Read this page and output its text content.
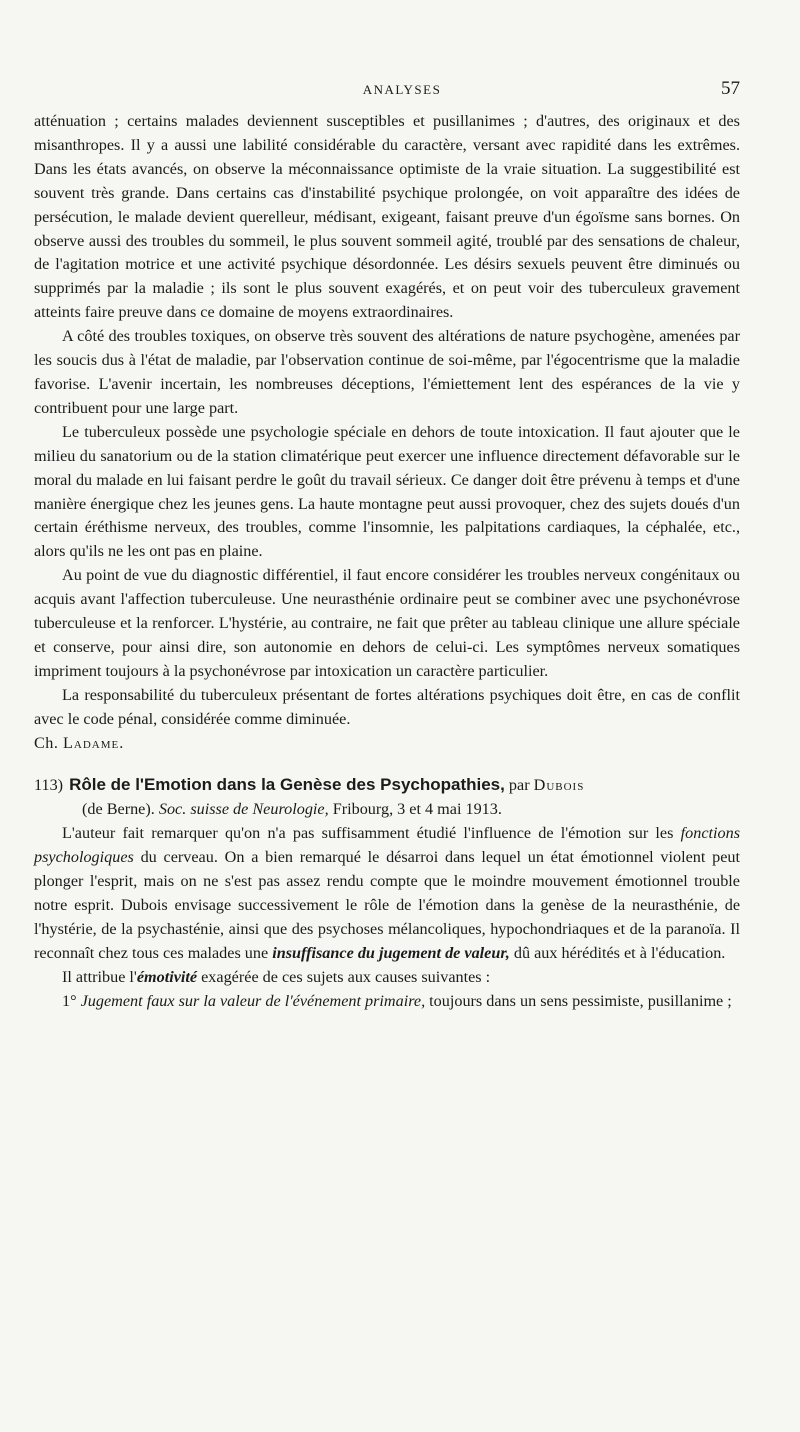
ANALYSES	57

atténuation ; certains malades deviennent susceptibles et pusillanimes ; d'autres, des originaux et des misanthropes. Il y a aussi une labilité considérable du caractère, versant avec rapidité dans les extrêmes. Dans les états avancés, on observe la méconnaissance optimiste de la vraie situation. La suggestibilité est souvent très grande. Dans certains cas d'instabilité psychique prolongée, on voit apparaître des idées de persécution, le malade devient querelleur, médisant, exigeant, faisant preuve d'un égoïsme sans bornes. On observe aussi des troubles du sommeil, le plus souvent sommeil agité, troublé par des sensations de chaleur, de l'agitation motrice et une activité psychique désordonnée. Les désirs sexuels peuvent être diminués ou supprimés par la maladie ; ils sont le plus souvent exagérés, et on peut voir des tuberculeux gravement atteints faire preuve dans ce domaine de moyens extraordinaires.

A côté des troubles toxiques, on observe très souvent des altérations de nature psychogène, amenées par les soucis dus à l'état de maladie, par l'observation continue de soi-même, par l'égocentrisme que la maladie favorise. L'avenir incertain, les nombreuses déceptions, l'émiettement lent des espérances de la vie y contribuent pour une large part.

Le tuberculeux possède une psychologie spéciale en dehors de toute intoxication. Il faut ajouter que le milieu du sanatorium ou de la station climatérique peut exercer une influence directement défavorable sur le moral du malade en lui faisant perdre le goût du travail sérieux. Ce danger doit être prévenu à temps et d'une manière énergique chez les jeunes gens. La haute montagne peut aussi provoquer, chez des sujets doués d'un certain éréthisme nerveux, des troubles, comme l'insomnie, les palpitations cardiaques, la céphalée, etc., alors qu'ils ne les ont pas en plaine.

Au point de vue du diagnostic différentiel, il faut encore considérer les troubles nerveux congénitaux ou acquis avant l'affection tuberculeuse. Une neurasthénie ordinaire peut se combiner avec une psychonévrose tuberculeuse et la renforcer. L'hystérie, au contraire, ne fait que prêter au tableau clinique une allure spéciale et conserve, pour ainsi dire, son autonomie en dehors de celui-ci. Les symptômes nerveux somatiques impriment toujours à la psychonévrose par intoxication un caractère particulier.

La responsabilité du tuberculeux présentant de fortes altérations psychiques doit être, en cas de conflit avec le code pénal, considérée comme diminuée.

Ch. Ladame.

113) Rôle de l'Emotion dans la Genèse des Psychopathies, par Dubois

(de Berne). Soc. suisse de Neurologie, Fribourg, 3 et 4 mai 1913.

L'auteur fait remarquer qu'on n'a pas suffisamment étudié l'influence de l'émotion sur les fonctions psychologiques du cerveau. On a bien remarqué le désarroi dans lequel un état émotionnel violent peut plonger l'esprit, mais on ne s'est pas assez rendu compte que le moindre mouvement émotionnel trouble notre esprit. Dubois envisage successivement le rôle de l'émotion dans la genèse de la neurasthénie, de l'hystérie, de la psychasténie, ainsi que des psychoses mélancoliques, hypochondriaques et de la paranoïa. Il reconnaît chez tous ces malades une insuffisance du jugement de valeur, dû aux hérédités et à l'éducation.

Il attribue l'émotivité exagérée de ces sujets aux causes suivantes :

1° Jugement faux sur la valeur de l'événement primaire, toujours dans un sens pessimiste, pusillanime ;
